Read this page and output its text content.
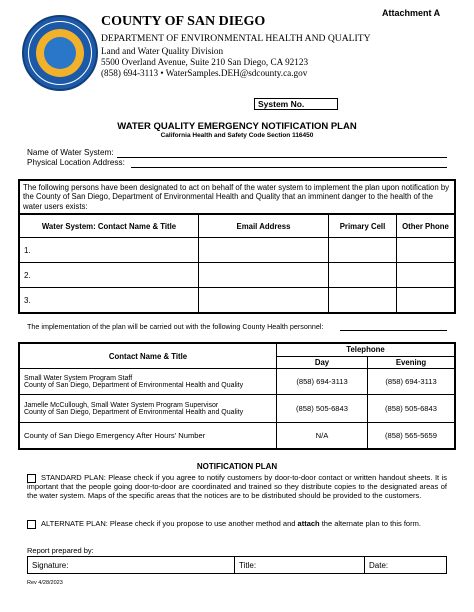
Attachment A
COUNTY OF SAN DIEGO
DEPARTMENT OF ENVIRONMENTAL HEALTH AND QUALITY
Land and Water Quality Division
5500 Overland Avenue, Suite 210 San Diego, CA 92123
(858) 694-3113 • WaterSamples.DEH@sdcounty.ca.gov
System No.
WATER QUALITY EMERGENCY NOTIFICATION PLAN
California Health and Safety Code Section 116450
Name of Water System:
Physical Location Address:
The following persons have been designated to act on behalf of the water system to implement the plan upon notification by the County of San Diego, Department of Environmental Health and Quality that an imminent danger to the health of the water users exists:			
Water System: Contact Name & Title	Email Address	Primary Cell	Other Phone
1.			
2.			
3.			
The implementation of the plan will be carried out with the following County Health personnel:
Contact Name & Title	Telephone	
	Day	Evening

Small Water System Program Staff
County of San Diego, Department of Environmental Health and Quality	(858) 694-3113	(858) 694-3113

Jamelle McCullough, Small Water System Program Supervisor
County of San Diego, Department of Environmental Health and Quality	(858) 505-6843	(858) 505-6843
County of San Diego Emergency After Hours' Number	N/A	(858) 565-5659
NOTIFICATION PLAN
STANDARD PLAN: Please check if you agree to notify customers by door-to-door contact or written handout sheets. It is important that the people going door-to-door are coordinated and trained so they distribute copies to the designated areas of the water system. Maps of the specific areas that the notices are to be distributed should be provided to the customers.
ALTERNATE PLAN: Please check if you propose to use another method and attach the alternate plan to this form.
Report prepared by:
Signature:	Title:	Date:
Rev 4/28/2023
